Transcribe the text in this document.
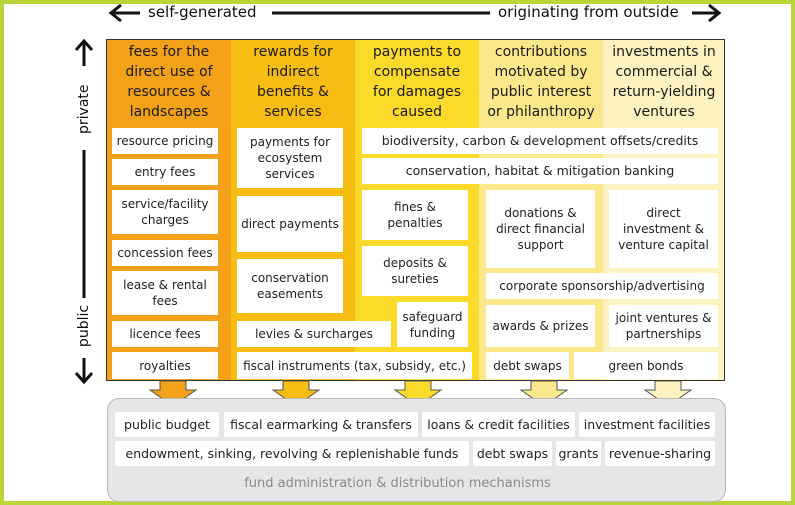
self-generated	originating from outside
private
public
fees for the direct use of resources & landscapes
rewards for indirect benefits & services
payments to compensate for damages caused
contributions motivated by public interest or philanthropy
investments in commercial & return-yielding ventures
resource pricing
entry fees
service/facility charges
concession fees
lease & rental fees
licence fees
royalties
payments for ecosystem services
direct payments
conservation easements
levies & surcharges
fiscal instruments (tax, subsidy, etc.)
biodiversity, carbon & development offsets/credits
conservation, habitat & mitigation banking
fines & penalties
deposits & sureties
safeguard funding
donations & direct financial support
direct investment & venture capital
corporate sponsorship/advertising
awards & prizes
joint ventures & partnerships
debt swaps	green bonds
public budget	fiscal earmarking & transfers	loans & credit facilities	investment facilities
endowment, sinking, revolving & replenishable funds	debt swaps grants revenue-sharing
fund administration & distribution mechanisms
